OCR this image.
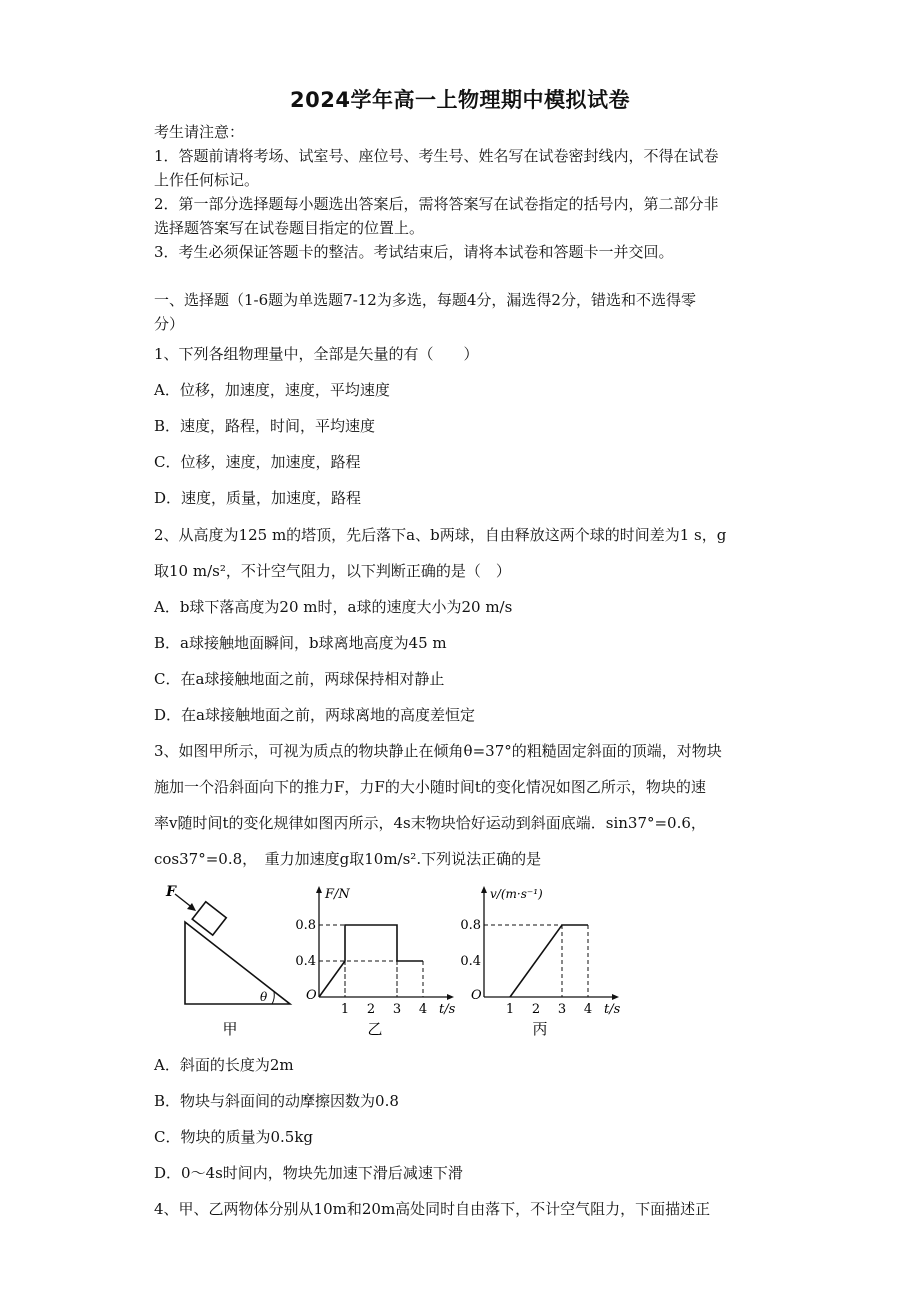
2024学年高一上物理期中模拟试卷
考生请注意：
1．答题前请将考场、试室号、座位号、考生号、姓名写在试卷密封线内，不得在试卷
上作任何标记。
2．第一部分选择题每小题选出答案后，需将答案写在试卷指定的括号内，第二部分非
选择题答案写在试卷题目指定的位置上。
3．考生必须保证答题卡的整洁。考试结束后，请将本试卷和答题卡一并交回。
一、选择题（1-6题为单选题7-12为多选，每题4分，漏选得2分，错选和不选得零
分）
1、下列各组物理量中，全部是矢量的有（　　）
A．位移，加速度，速度，平均速度
B．速度，路程，时间，平均速度
C．位移，速度，加速度，路程
D．速度，质量，加速度，路程
2、从高度为125 m的塔顶，先后落下a、b两球，自由释放这两个球的时间差为1 s，g
取10 m/s²，不计空气阻力，以下判断正确的是（　）
A．b球下落高度为20 m时，a球的速度大小为20 m/s
B．a球接触地面瞬间，b球离地高度为45 m
C．在a球接触地面之前，两球保持相对静止
D．在a球接触地面之前，两球离地的高度差恒定
3、如图甲所示，可视为质点的物块静止在倾角θ=37°的粗糙固定斜面的顶端，对物块
施加一个沿斜面向下的推力F，力F的大小随时间t的变化情况如图乙所示，物块的速
率v随时间t的变化规律如图丙所示，4s末物块恰好运动到斜面底端．sin37°=0.6，
cos37°=0.8，　重力加速度g取10m/s².下列说法正确的是
F
θ
甲
F/N
t/s
O
1 2 3 4
0.4
0.8
乙
v/(m·s⁻¹)
t/s
O
1 2 3 4
0.4
0.8
丙
A．斜面的长度为2m
B．物块与斜面间的动摩擦因数为0.8
C．物块的质量为0.5kg
D．0～4s时间内，物块先加速下滑后减速下滑
4、甲、乙两物体分别从10m和20m高处同时自由落下，不计空气阻力，下面描述正
